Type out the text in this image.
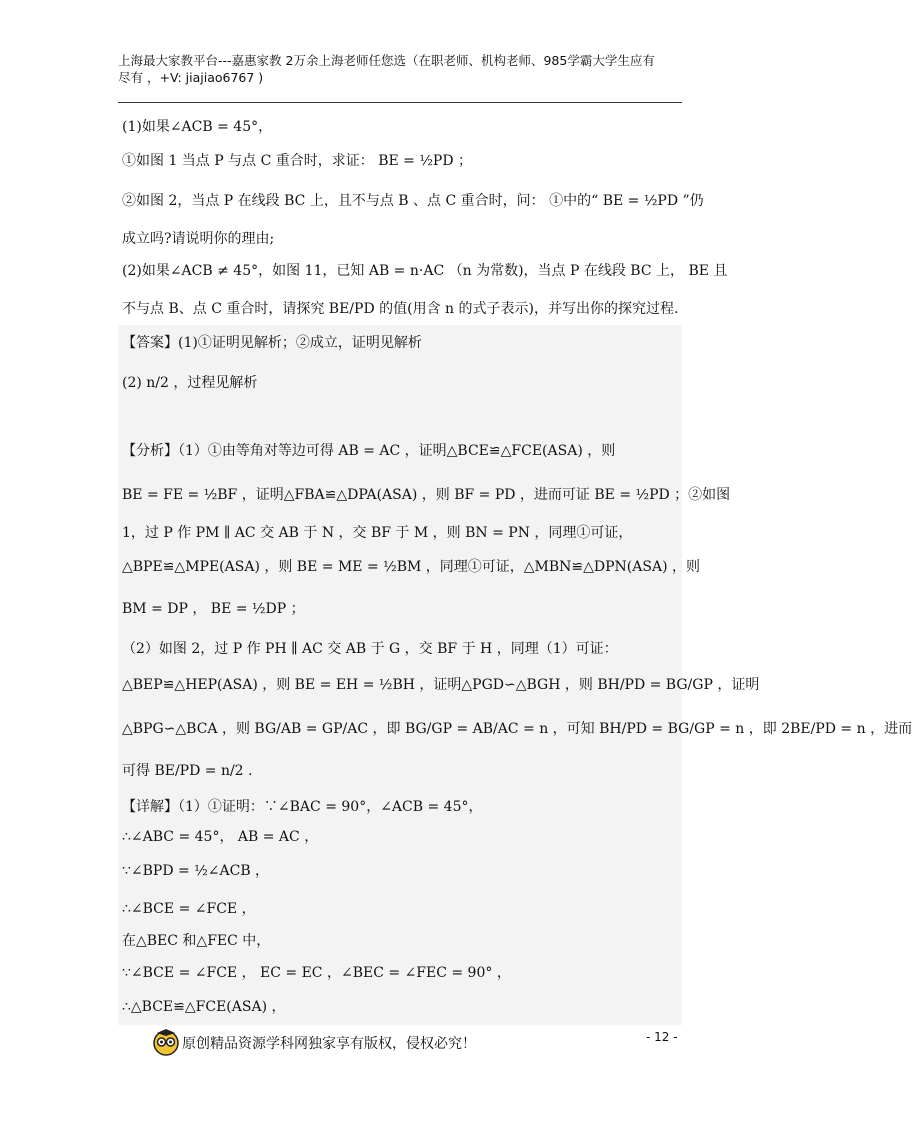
上海最大家教平台---嘉惠家教 2万余上海老师任您选（在职老师、机构老师、985学霸大学生应有
尽有 ，+V: jiajiao6767 )
(1)如果∠ACB = 45°，
①如图 1 当点 P 与点 C 重合时，求证： BE = ½PD ；
②如图 2，当点 P 在线段 BC 上，且不与点 B 、点 C 重合时，问： ①中的“ BE = ½PD ”仍
成立吗?请说明你的理由;
(2)如果∠ACB ≠ 45°，如图 11，已知 AB = n·AC （n 为常数)，当点 P 在线段 BC 上， BE 且
不与点 B、点 C 重合时，请探究 BE/PD 的值(用含 n 的式子表示)，并写出你的探究过程.
【答案】(1)①证明见解析；②成立，证明见解析
(2) n/2 ，过程见解析
【分析】（1）①由等角对等边可得 AB = AC ，证明△BCE≌△FCE(ASA) ，则
BE = FE = ½BF ，证明△FBA≌△DPA(ASA) ，则 BF = PD ，进而可证 BE = ½PD ；②如图
1，过 P 作 PM ∥ AC 交 AB 于 N ，交 BF 于 M ，则 BN = PN ，同理①可证，
△BPE≌△MPE(ASA) ，则 BE = ME = ½BM ，同理①可证，△MBN≌△DPN(ASA) ，则
BM = DP ， BE = ½DP ；
（2）如图 2，过 P 作 PH ∥ AC 交 AB 于 G ，交 BF 于 H ，同理（1）可证：
△BEP≌△HEP(ASA) ，则 BE = EH = ½BH ，证明△PGD∽△BGH ，则 BH/PD = BG/GP ，证明
△BPG∽△BCA ，则 BG/AB = GP/AC ，即 BG/GP = AB/AC = n ，可知 BH/PD = BG/GP = n ，即 2BE/PD = n ，进而
可得 BE/PD = n/2 .
【详解】（1）①证明：∵∠BAC = 90°，∠ACB = 45°，
∴∠ABC = 45°， AB = AC ，
∵∠BPD = ½∠ACB ，
∴∠BCE = ∠FCE ，
在△BEC 和△FEC 中，
∵∠BCE = ∠FCE ， EC = EC ，∠BEC = ∠FEC = 90° ，
∴△BCE≌△FCE(ASA) ，
原创精品资源学科网独家享有版权，侵权必究！	- 12 -
